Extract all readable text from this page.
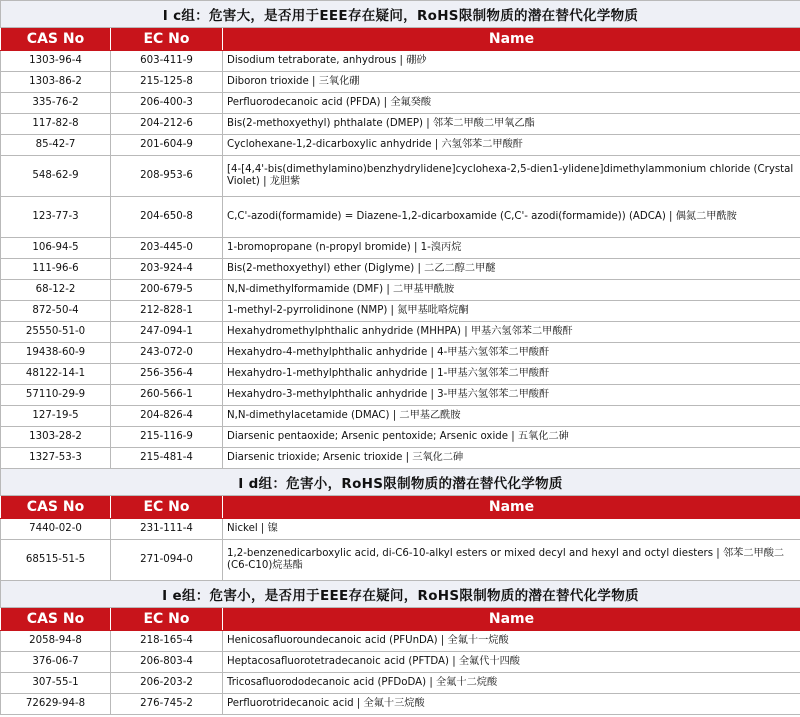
I c组：危害大，是否用于EEE存在疑问，RoHS限制物质的潜在替代化学物质		
CAS No	EC No	Name
1303-96-4	603-411-9	Disodium tetraborate, anhydrous | 硼砂
1303-86-2	215-125-8	Diboron trioxide | 三氧化硼
335-76-2	206-400-3	Perfluorodecanoic acid (PFDA) | 全氟癸酸
117-82-8	204-212-6	Bis(2-methoxyethyl) phthalate (DMEP) | 邻苯二甲酸二甲氧乙酯
85-42-7	201-604-9	Cyclohexane-1,2-dicarboxylic anhydride | 六氢邻苯二甲酸酐
548-62-9	208-953-6	[4-[4,4'-bis(dimethylamino)benzhydrylidene]cyclohexa-2,5-dien1-ylidene]dimethylammonium chloride (Crystal Violet) | 龙胆紫
123-77-3	204-650-8	C,C'-azodi(formamide) = Diazene-1,2-dicarboxamide (C,C'- azodi(formamide)) (ADCA) | 偶氮二甲酰胺
106-94-5	203-445-0	1-bromopropane (n-propyl bromide) | 1-溴丙烷
111-96-6	203-924-4	Bis(2-methoxyethyl) ether (Diglyme) | 二乙二醇二甲醚
68-12-2	200-679-5	N,N-dimethylformamide (DMF) | 二甲基甲酰胺
872-50-4	212-828-1	1-methyl-2-pyrrolidinone (NMP) | 氮甲基吡咯烷酮
25550-51-0	247-094-1	Hexahydromethylphthalic anhydride (MHHPA) | 甲基六氢邻苯二甲酸酐
19438-60-9	243-072-0	Hexahydro-4-methylphthalic anhydride | 4-甲基六氢邻苯二甲酸酐
48122-14-1	256-356-4	Hexahydro-1-methylphthalic anhydride | 1-甲基六氢邻苯二甲酸酐
57110-29-9	260-566-1	Hexahydro-3-methylphthalic anhydride | 3-甲基六氢邻苯二甲酸酐
127-19-5	204-826-4	N,N-dimethylacetamide (DMAC) | 二甲基乙酰胺
1303-28-2	215-116-9	Diarsenic pentaoxide; Arsenic pentoxide; Arsenic oxide | 五氧化二砷
1327-53-3	215-481-4	Diarsenic trioxide; Arsenic trioxide | 三氧化二砷
I d组：危害小，RoHS限制物质的潜在替代化学物质		
CAS No	EC No	Name
7440-02-0	231-111-4	Nickel | 镍
68515-51-5	271-094-0	1,2-benzenedicarboxylic acid, di-C6-10-alkyl esters or mixed decyl and hexyl and octyl diesters | 邻苯二甲酸二(C6-C10)烷基酯
I e组：危害小，是否用于EEE存在疑问，RoHS限制物质的潜在替代化学物质		
CAS No	EC No	Name
2058-94-8	218-165-4	Henicosafluoroundecanoic acid (PFUnDA) | 全氟十一烷酸
376-06-7	206-803-4	Heptacosafluorotetradecanoic acid (PFTDA) | 全氟代十四酸
307-55-1	206-203-2	Tricosafluorododecanoic acid (PFDoDA) | 全氟十二烷酸
72629-94-8	276-745-2	Perfluorotridecanoic acid | 全氟十三烷酸
